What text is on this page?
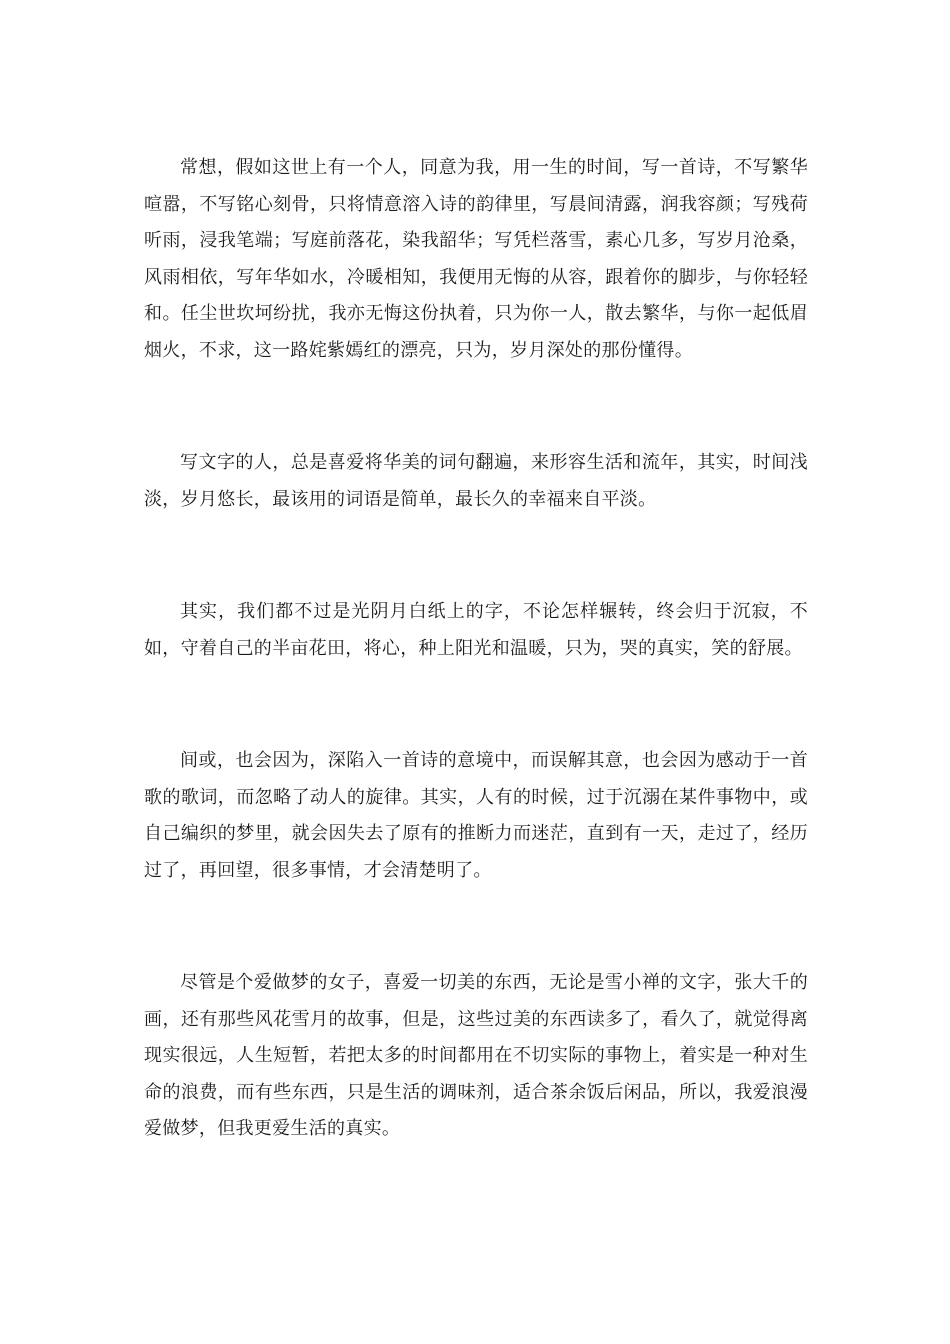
常想，假如这世上有一个人，同意为我，用一生的时间，写一首诗，不写繁华喧嚣，不写铭心刻骨，只将情意溶入诗的韵律里，写晨间清露，润我容颜；写残荷听雨，浸我笔端；写庭前落花，染我韶华；写凭栏落雪，素心几多，写岁月沧桑，风雨相依，写年华如水，冷暖相知，我便用无悔的从容，跟着你的脚步，与你轻轻和。任尘世坎坷纷扰，我亦无悔这份执着，只为你一人，散去繁华，与你一起低眉烟火，不求，这一路姹紫嫣红的漂亮，只为，岁月深处的那份懂得。

写文字的人，总是喜爱将华美的词句翻遍，来形容生活和流年，其实，时间浅淡，岁月悠长，最该用的词语是简单，最长久的幸福来自平淡。

其实，我们都不过是光阴月白纸上的字，不论怎样辗转，终会归于沉寂，不如，守着自己的半亩花田，将心，种上阳光和温暖，只为，哭的真实，笑的舒展。

间或，也会因为，深陷入一首诗的意境中，而误解其意，也会因为感动于一首歌的歌词，而忽略了动人的旋律。其实，人有的时候，过于沉溺在某件事物中，或自己编织的梦里，就会因失去了原有的推断力而迷茫，直到有一天，走过了，经历过了，再回望，很多事情，才会清楚明了。

尽管是个爱做梦的女子，喜爱一切美的东西，无论是雪小禅的文字，张大千的画，还有那些风花雪月的故事，但是，这些过美的东西读多了，看久了，就觉得离现实很远，人生短暂，若把太多的时间都用在不切实际的事物上，着实是一种对生命的浪费，而有些东西，只是生活的调味剂，适合茶余饭后闲品，所以，我爱浪漫爱做梦，但我更爱生活的真实。
